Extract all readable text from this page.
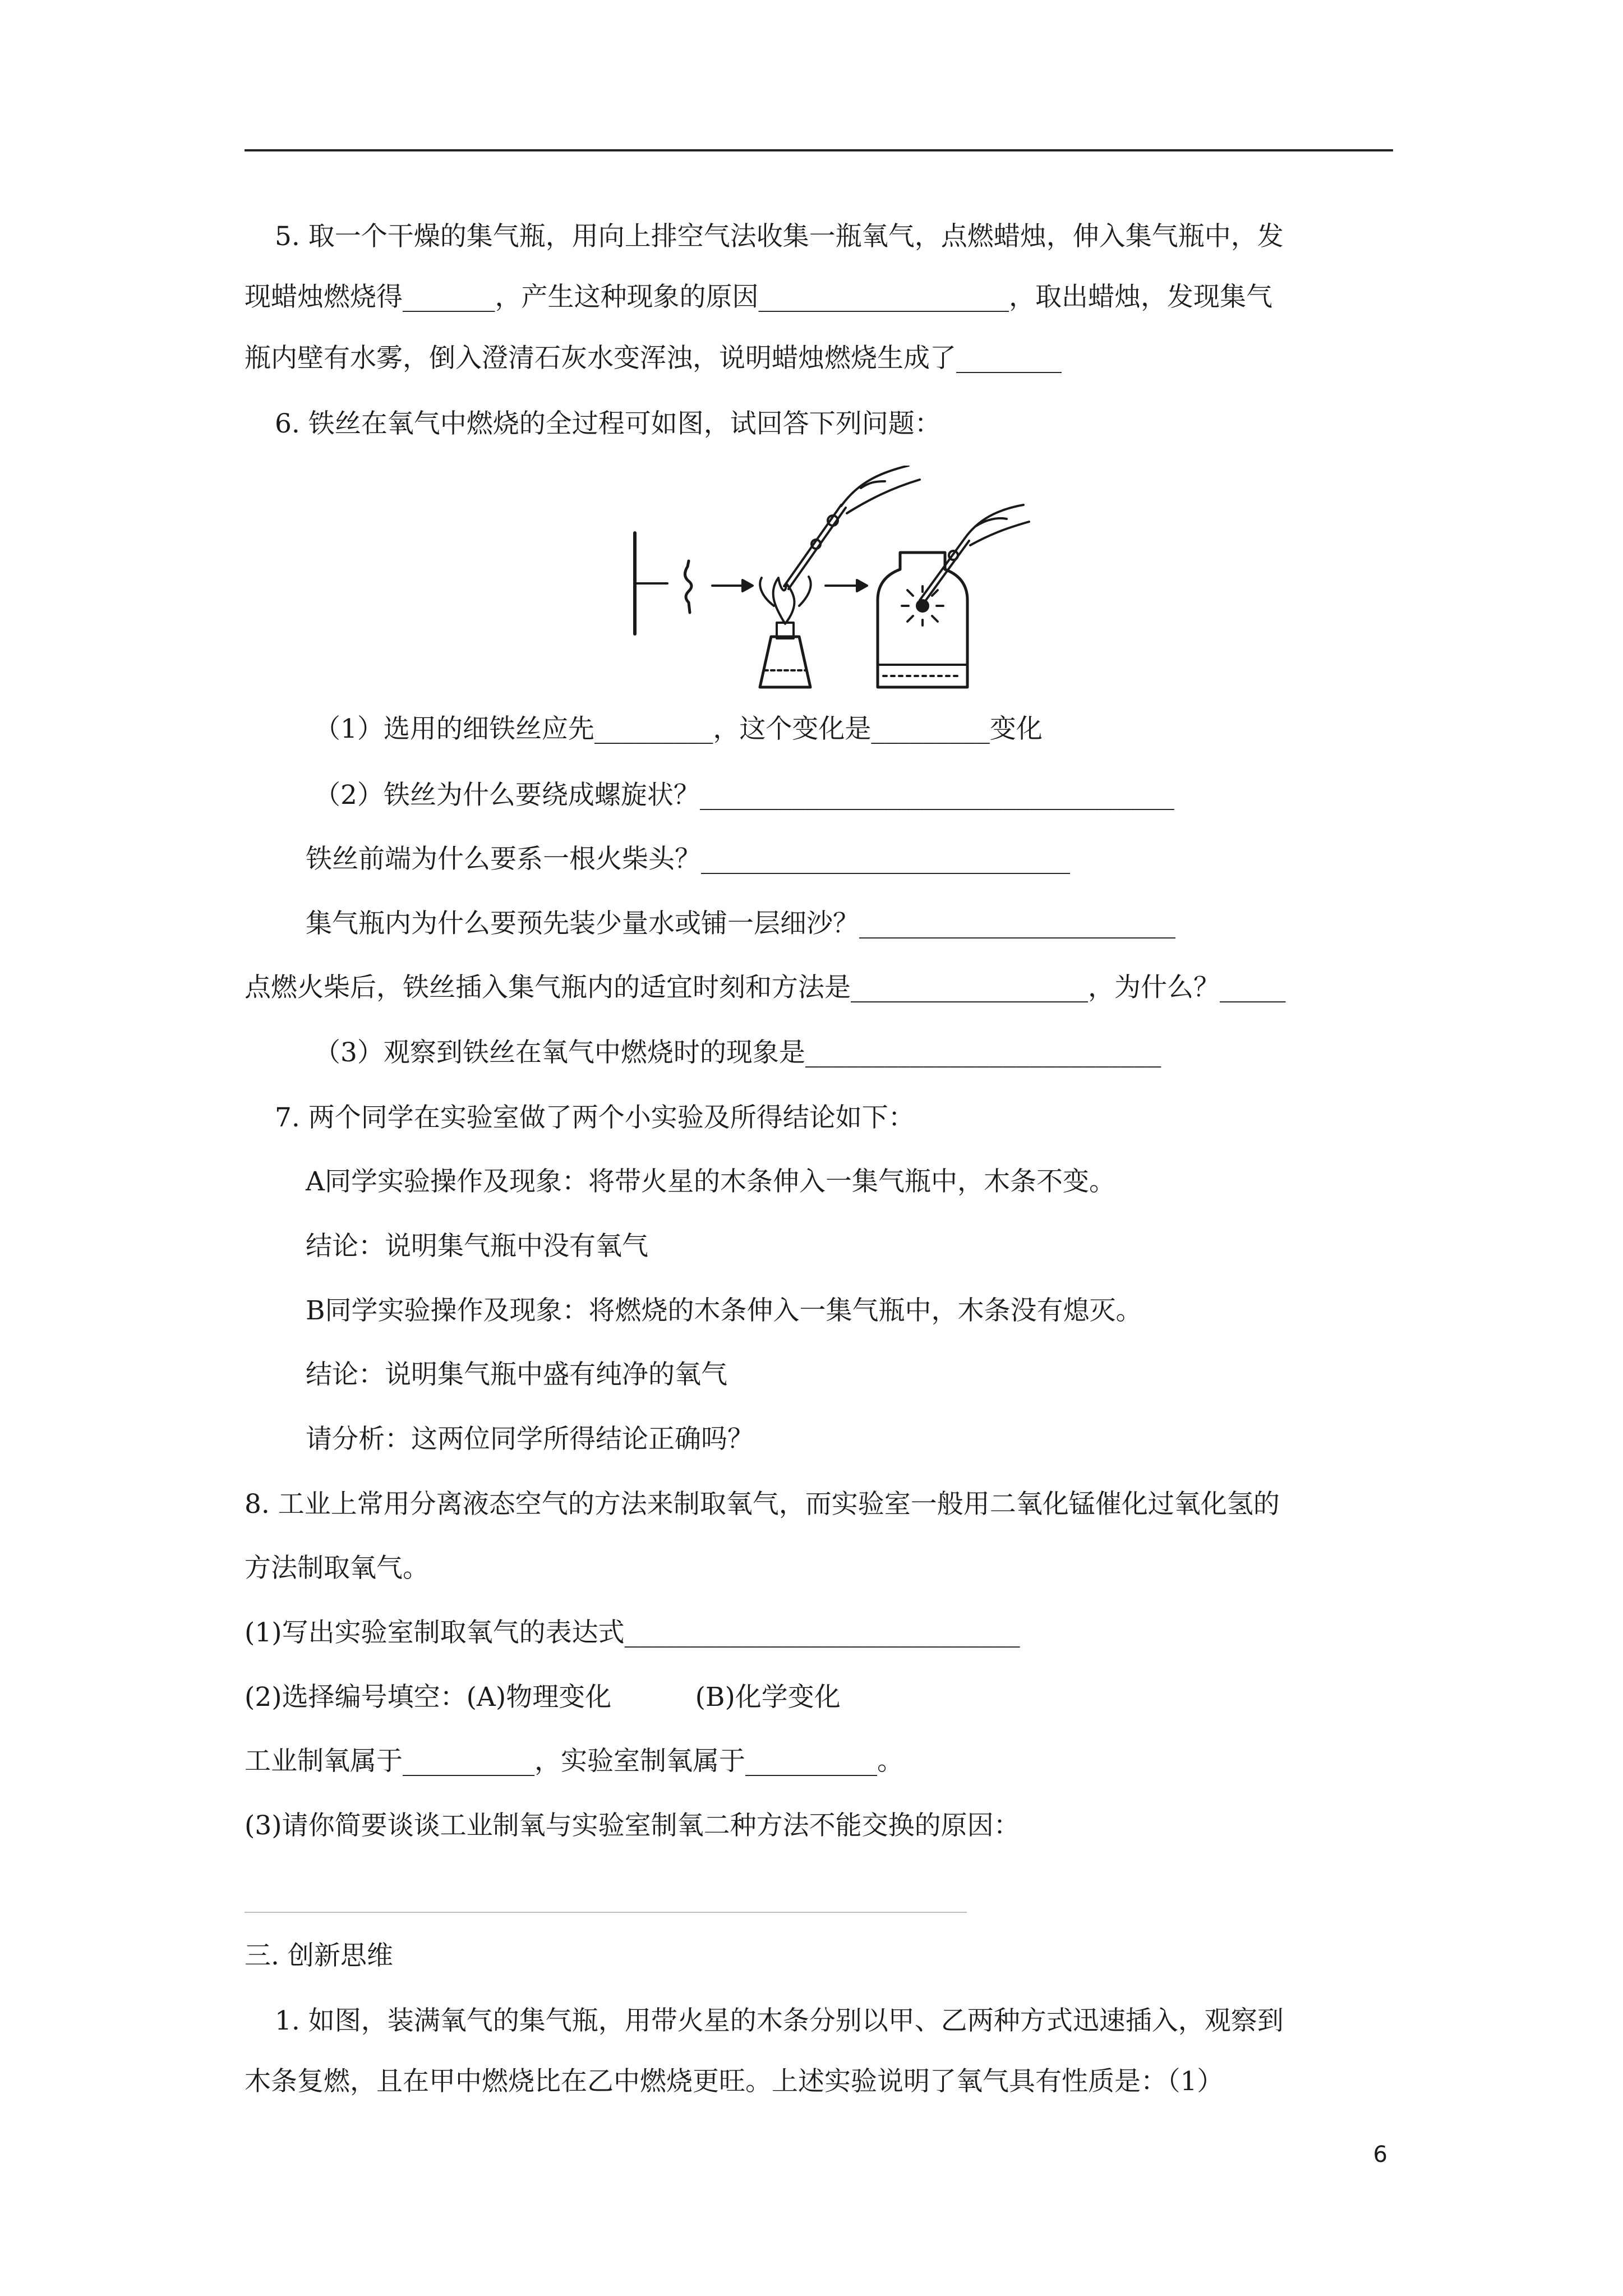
5. 取一个干燥的集气瓶，用向上排空气法收集一瓶氧气，点燃蜡烛，伸入集气瓶中，发
现蜡烛燃烧得_______，产生这种现象的原因___________________，取出蜡烛，发现集气
瓶内壁有水雾，倒入澄清石灰水变浑浊，说明蜡烛燃烧生成了________
6. 铁丝在氧气中燃烧的全过程可如图，试回答下列问题：
（1）选用的细铁丝应先_________，这个变化是_________变化
（2）铁丝为什么要绕成螺旋状？____________________________________
铁丝前端为什么要系一根火柴头？____________________________
集气瓶内为什么要预先装少量水或铺一层细沙？________________________
点燃火柴后，铁丝插入集气瓶内的适宜时刻和方法是__________________，为什么？_____
（3）观察到铁丝在氧气中燃烧时的现象是___________________________
7. 两个同学在实验室做了两个小实验及所得结论如下：
A同学实验操作及现象：将带火星的木条伸入一集气瓶中，木条不变。
结论：说明集气瓶中没有氧气
B同学实验操作及现象：将燃烧的木条伸入一集气瓶中，木条没有熄灭。
结论：说明集气瓶中盛有纯净的氧气
请分析：这两位同学所得结论正确吗？
8. 工业上常用分离液态空气的方法来制取氧气，而实验室一般用二氧化锰催化过氧化氢的
方法制取氧气。
(1)写出实验室制取氧气的表达式______________________________
(2)选择编号填空：(A)物理变化          (B)化学变化
工业制氧属于__________，实验室制氧属于__________。
(3)请你简要谈谈工业制氧与实验室制氧二种方法不能交换的原因：
三. 创新思维
1. 如图，装满氧气的集气瓶，用带火星的木条分别以甲、乙两种方式迅速插入，观察到
木条复燃，且在甲中燃烧比在乙中燃烧更旺。上述实验说明了氧气具有性质是：（1）
6
